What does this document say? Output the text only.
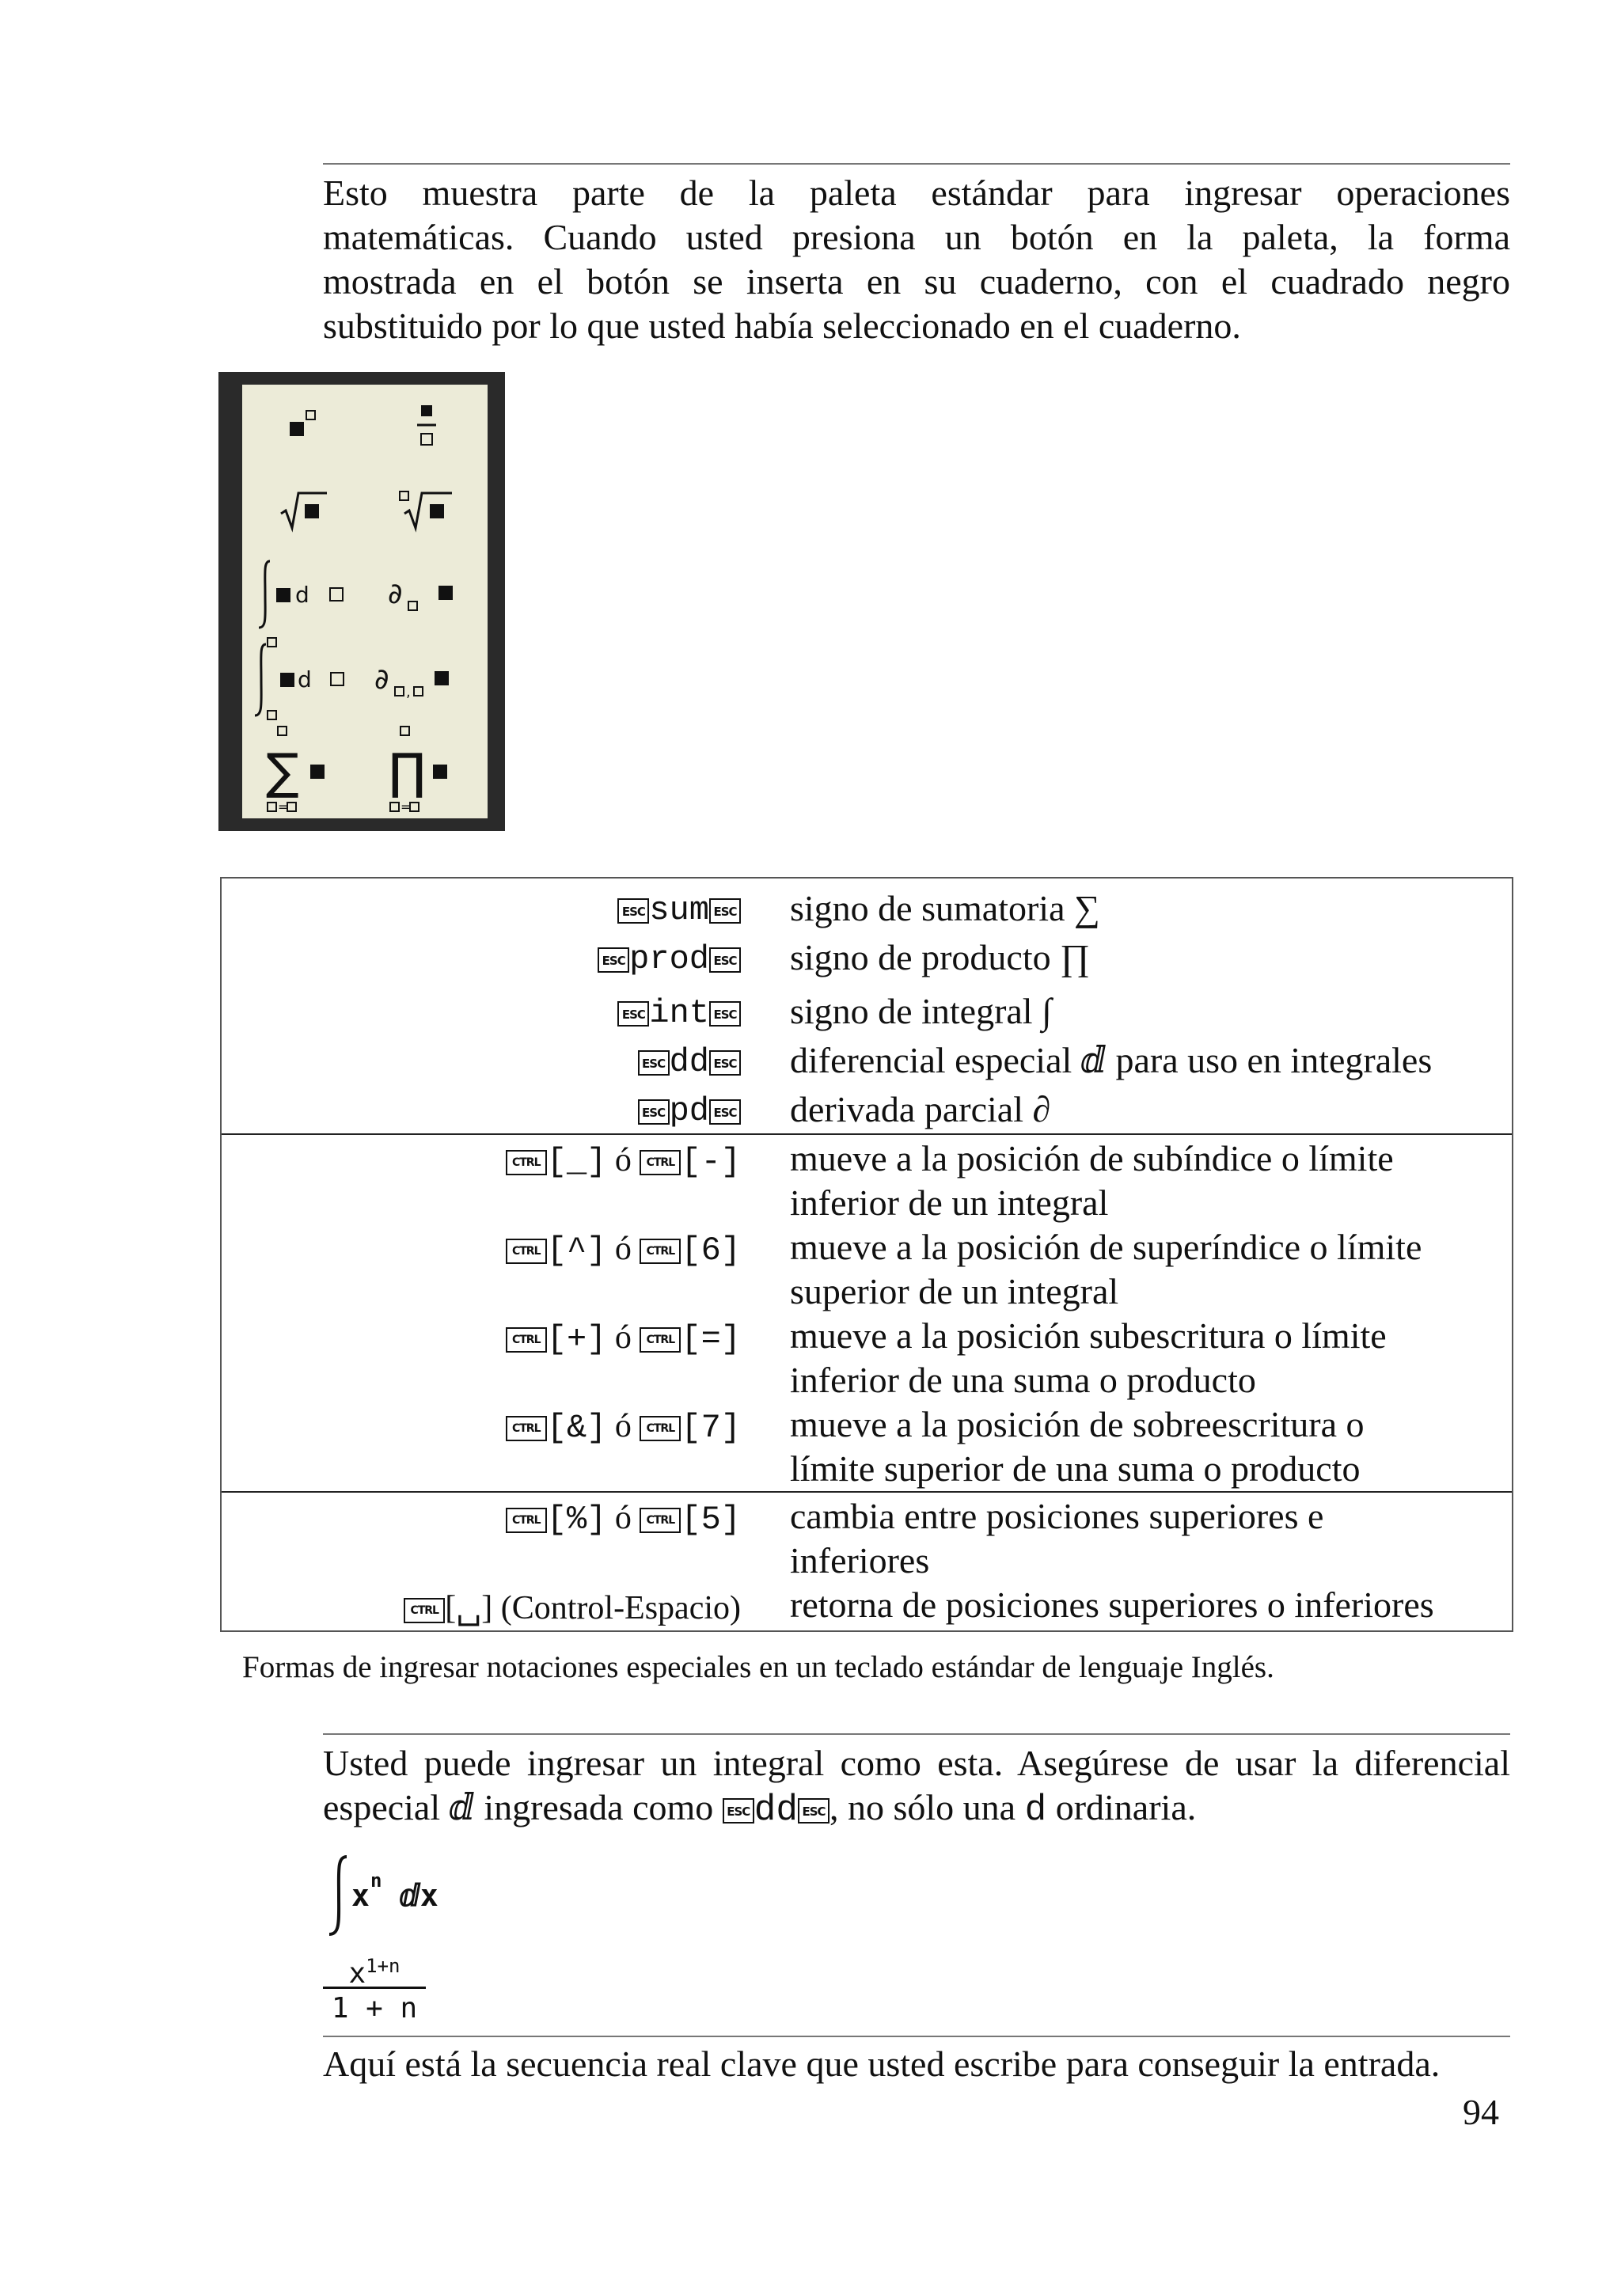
Esto muestra parte de la paleta estándar para ingresar operaciones
matemáticas. Cuando usted presiona un botón en la paleta, la forma
mostrada en el botón se inserta en su cuaderno, con el cuadrado negro
substituido por lo que usted había seleccionado en el cuaderno.
d	∂
d ∂ ,
∑
=
∏
=
ESC sum ESC signo de sumatoria ∑
ESC prod ESC signo de producto ∏
ESC int ESC signo de integral ∫
ESC dd ESC diferencial especial ⅆ para uso en integrales
ESC pd ESC derivada parcial ∂
CTRL [_] ó CTRL [-] mueve a la posición de subíndice o límite
inferior de un integral
CTRL [^] ó CTRL [6] mueve a la posición de superíndice o límite
superior de un integral
CTRL [+] ó CTRL [=] mueve a la posición subescritura o límite
inferior de una suma o producto
CTRL [&] ó CTRL [7] mueve a la posición de sobreescritura o
límite superior de una suma o producto
CTRL [%] ó CTRL [5] cambia entre posiciones superiores e
inferiores
CTRL [␣] (Control-Espacio) retorna de posiciones superiores o inferiores
Formas de ingresar notaciones especiales en un teclado estándar de lenguaje Inglés.
Usted puede ingresar un integral como esta. Asegúrese de usar la diferencial
especial ⅆ ingresada como ESC dd ESC , no sólo una d ordinaria.
x n ⅆx
$x^{1+n}$
1 + n
Aquí está la secuencia real clave que usted escribe para conseguir la entrada.
94
